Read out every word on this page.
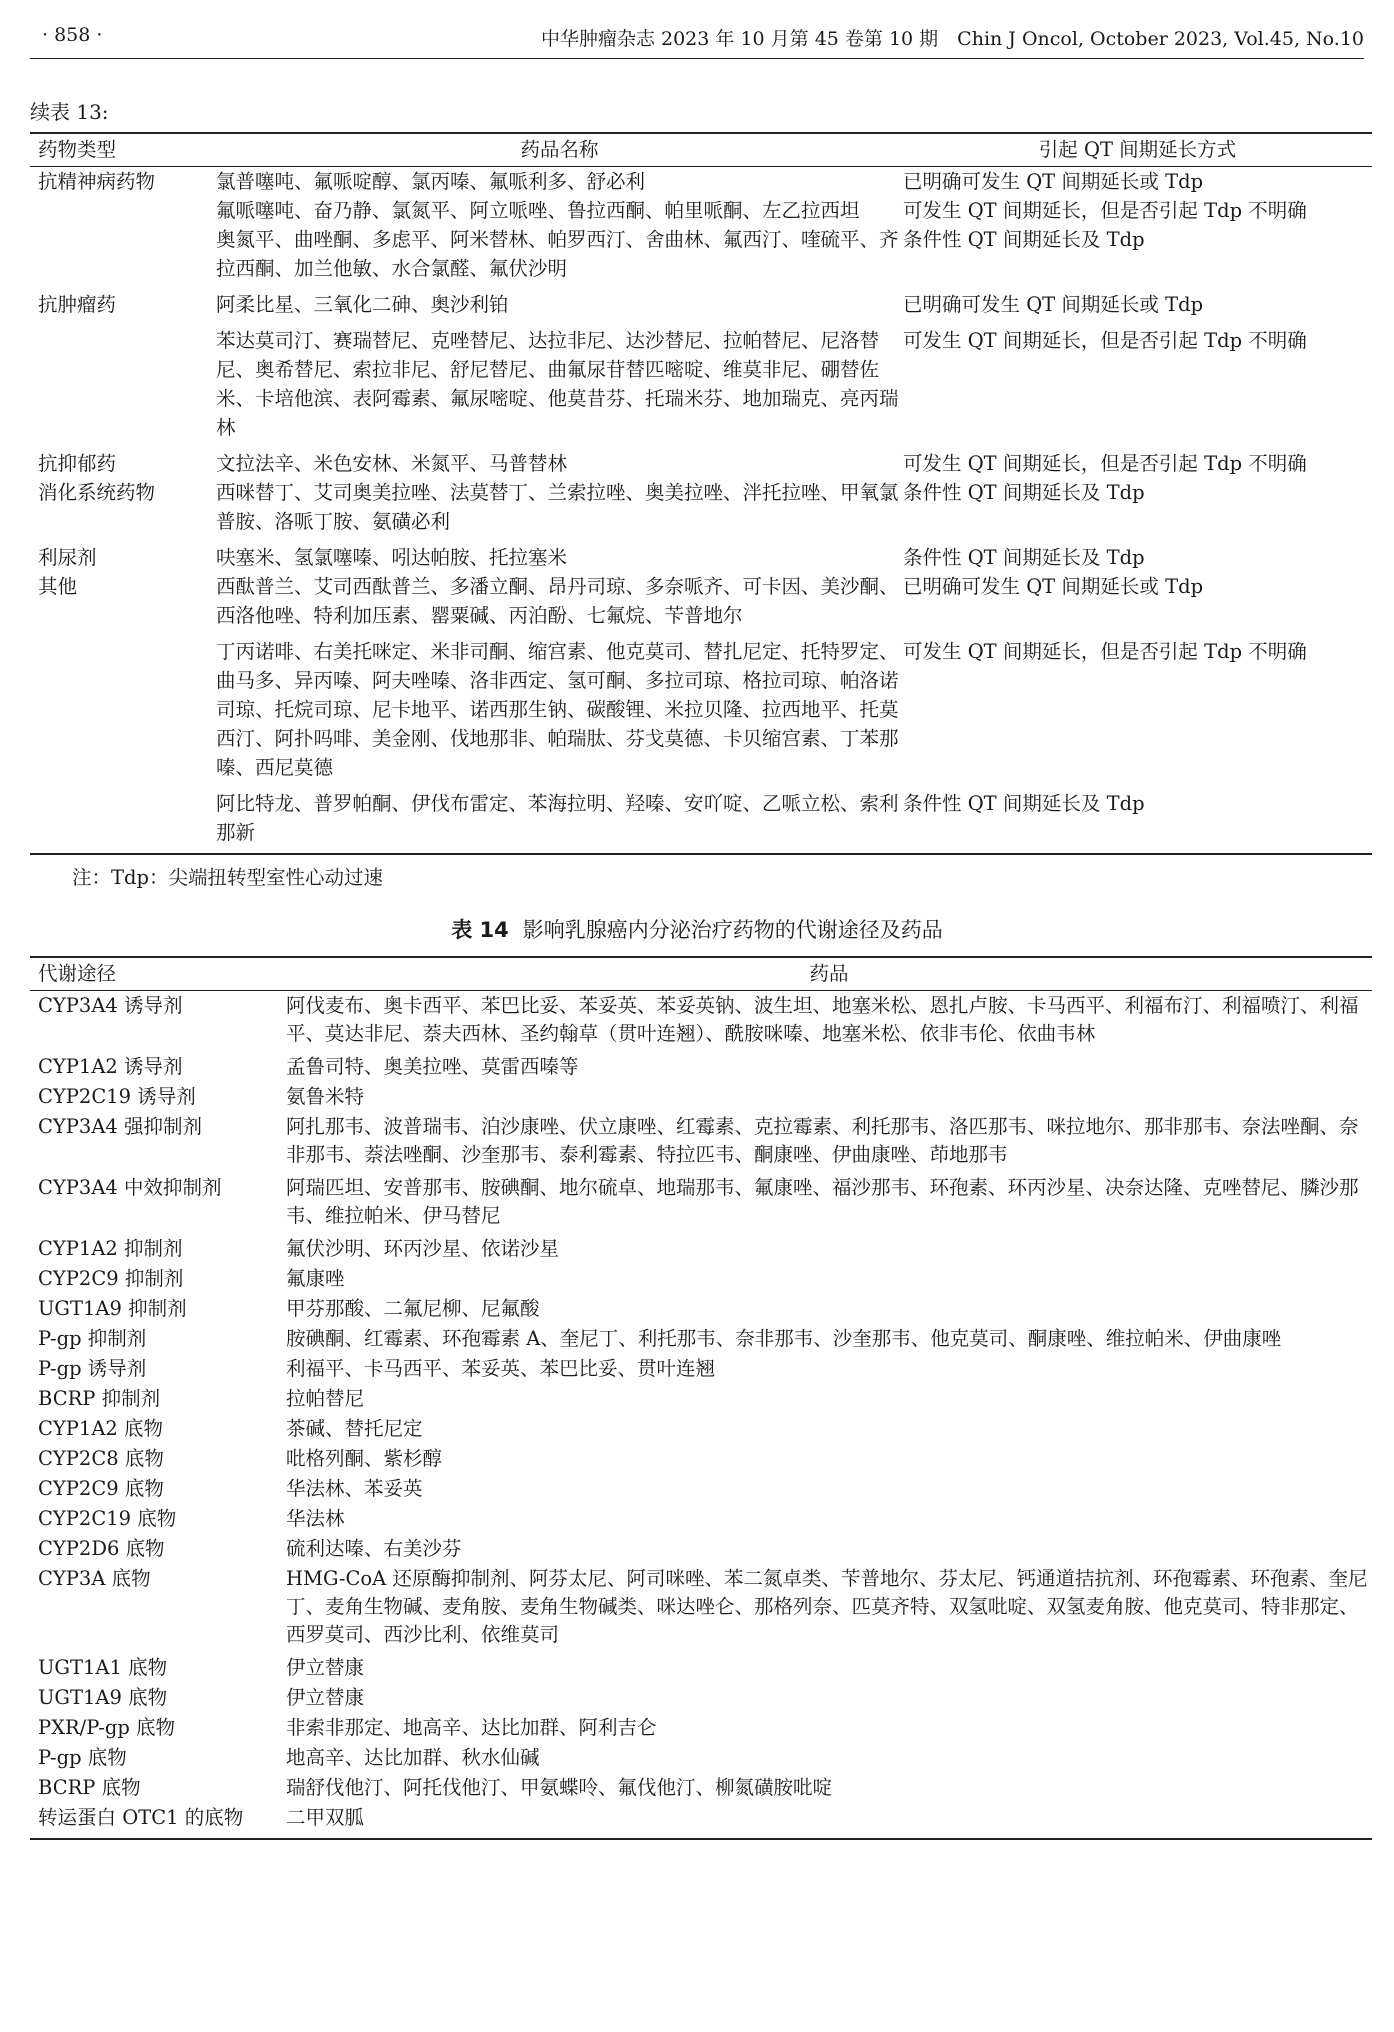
· 858 ·	中华肿瘤杂志 2023 年 10 月第 45 卷第 10 期　Chin J Oncol, October 2023, Vol.45, No.10
续表 13:
药物类型	药品名称	引起 QT 间期延长方式
抗精神病药物	氯普噻吨、氟哌啶醇、氯丙嗪、氟哌利多、舒必利	已明确可发生 QT 间期延长或 Tdp
	氟哌噻吨、奋乃静、氯氮平、阿立哌唑、鲁拉西酮、帕里哌酮、左乙拉西坦	可发生 QT 间期延长，但是否引起 Tdp 不明确
	奥氮平、曲唑酮、多虑平、阿米替林、帕罗西汀、舍曲林、氟西汀、喹硫平、齐拉西酮、加兰他敏、水合氯醛、氟伏沙明	条件性 QT 间期延长及 Tdp
抗肿瘤药	阿柔比星、三氧化二砷、奥沙利铂	已明确可发生 QT 间期延长或 Tdp
	苯达莫司汀、赛瑞替尼、克唑替尼、达拉非尼、达沙替尼、拉帕替尼、尼洛替尼、奥希替尼、索拉非尼、舒尼替尼、曲氟尿苷替匹嘧啶、维莫非尼、硼替佐米、卡培他滨、表阿霉素、氟尿嘧啶、他莫昔芬、托瑞米芬、地加瑞克、亮丙瑞林	可发生 QT 间期延长，但是否引起 Tdp 不明确
抗抑郁药	文拉法辛、米色安林、米氮平、马普替林	可发生 QT 间期延长，但是否引起 Tdp 不明确
消化系统药物	西咪替丁、艾司奥美拉唑、法莫替丁、兰索拉唑、奥美拉唑、泮托拉唑、甲氧氯普胺、洛哌丁胺、氨磺必利	条件性 QT 间期延长及 Tdp
利尿剂	呋塞米、氢氯噻嗪、吲达帕胺、托拉塞米	条件性 QT 间期延长及 Tdp
其他	西酞普兰、艾司西酞普兰、多潘立酮、昂丹司琼、多奈哌齐、可卡因、美沙酮、西洛他唑、特利加压素、罂粟碱、丙泊酚、七氟烷、苄普地尔	已明确可发生 QT 间期延长或 Tdp
	丁丙诺啡、右美托咪定、米非司酮、缩宫素、他克莫司、替扎尼定、托特罗定、曲马多、异丙嗪、阿夫唑嗪、洛非西定、氢可酮、多拉司琼、格拉司琼、帕洛诺司琼、托烷司琼、尼卡地平、诺西那生钠、碳酸锂、米拉贝隆、拉西地平、托莫西汀、阿扑吗啡、美金刚、伐地那非、帕瑞肽、芬戈莫德、卡贝缩宫素、丁苯那嗪、西尼莫德	可发生 QT 间期延长，但是否引起 Tdp 不明确
	阿比特龙、普罗帕酮、伊伐布雷定、苯海拉明、羟嗪、安吖啶、乙哌立松、索利那新	条件性 QT 间期延长及 Tdp
注：Tdp：尖端扭转型室性心动过速
表 14 影响乳腺癌内分泌治疗药物的代谢途径及药品
代谢途径	药品
CYP3A4 诱导剂	阿伐麦布、奥卡西平、苯巴比妥、苯妥英、苯妥英钠、波生坦、地塞米松、恩扎卢胺、卡马西平、利福布汀、利福喷汀、利福平、莫达非尼、萘夫西林、圣约翰草（贯叶连翘）、酰胺咪嗪、地塞米松、依非韦伦、依曲韦林
CYP1A2 诱导剂	孟鲁司特、奥美拉唑、莫雷西嗪等
CYP2C19 诱导剂	氨鲁米特
CYP3A4 强抑制剂	阿扎那韦、波普瑞韦、泊沙康唑、伏立康唑、红霉素、克拉霉素、利托那韦、洛匹那韦、咪拉地尔、那非那韦、奈法唑酮、奈非那韦、萘法唑酮、沙奎那韦、泰利霉素、特拉匹韦、酮康唑、伊曲康唑、茚地那韦
CYP3A4 中效抑制剂	阿瑞匹坦、安普那韦、胺碘酮、地尔硫卓、地瑞那韦、氟康唑、福沙那韦、环孢素、环丙沙星、决奈达隆、克唑替尼、膦沙那韦、维拉帕米、伊马替尼
CYP1A2 抑制剂	氟伏沙明、环丙沙星、依诺沙星
CYP2C9 抑制剂	氟康唑
UGT1A9 抑制剂	甲芬那酸、二氟尼柳、尼氟酸
P-gp 抑制剂	胺碘酮、红霉素、环孢霉素 A、奎尼丁、利托那韦、奈非那韦、沙奎那韦、他克莫司、酮康唑、维拉帕米、伊曲康唑
P-gp 诱导剂	利福平、卡马西平、苯妥英、苯巴比妥、贯叶连翘
BCRP 抑制剂	拉帕替尼
CYP1A2 底物	茶碱、替托尼定
CYP2C8 底物	吡格列酮、紫杉醇
CYP2C9 底物	华法林、苯妥英
CYP2C19 底物	华法林
CYP2D6 底物	硫利达嗪、右美沙芬
CYP3A 底物	HMG-CoA 还原酶抑制剂、阿芬太尼、阿司咪唑、苯二氮卓类、苄普地尔、芬太尼、钙通道拮抗剂、环孢霉素、环孢素、奎尼丁、麦角生物碱、麦角胺、麦角生物碱类、咪达唑仑、那格列奈、匹莫齐特、双氢吡啶、双氢麦角胺、他克莫司、特非那定、西罗莫司、西沙比利、依维莫司
UGT1A1 底物	伊立替康
UGT1A9 底物	伊立替康
PXR/P-gp 底物	非索非那定、地高辛、达比加群、阿利吉仑
P-gp 底物	地高辛、达比加群、秋水仙碱
BCRP 底物	瑞舒伐他汀、阿托伐他汀、甲氨蝶呤、氟伐他汀、柳氮磺胺吡啶
转运蛋白 OTC1 的底物	二甲双胍
